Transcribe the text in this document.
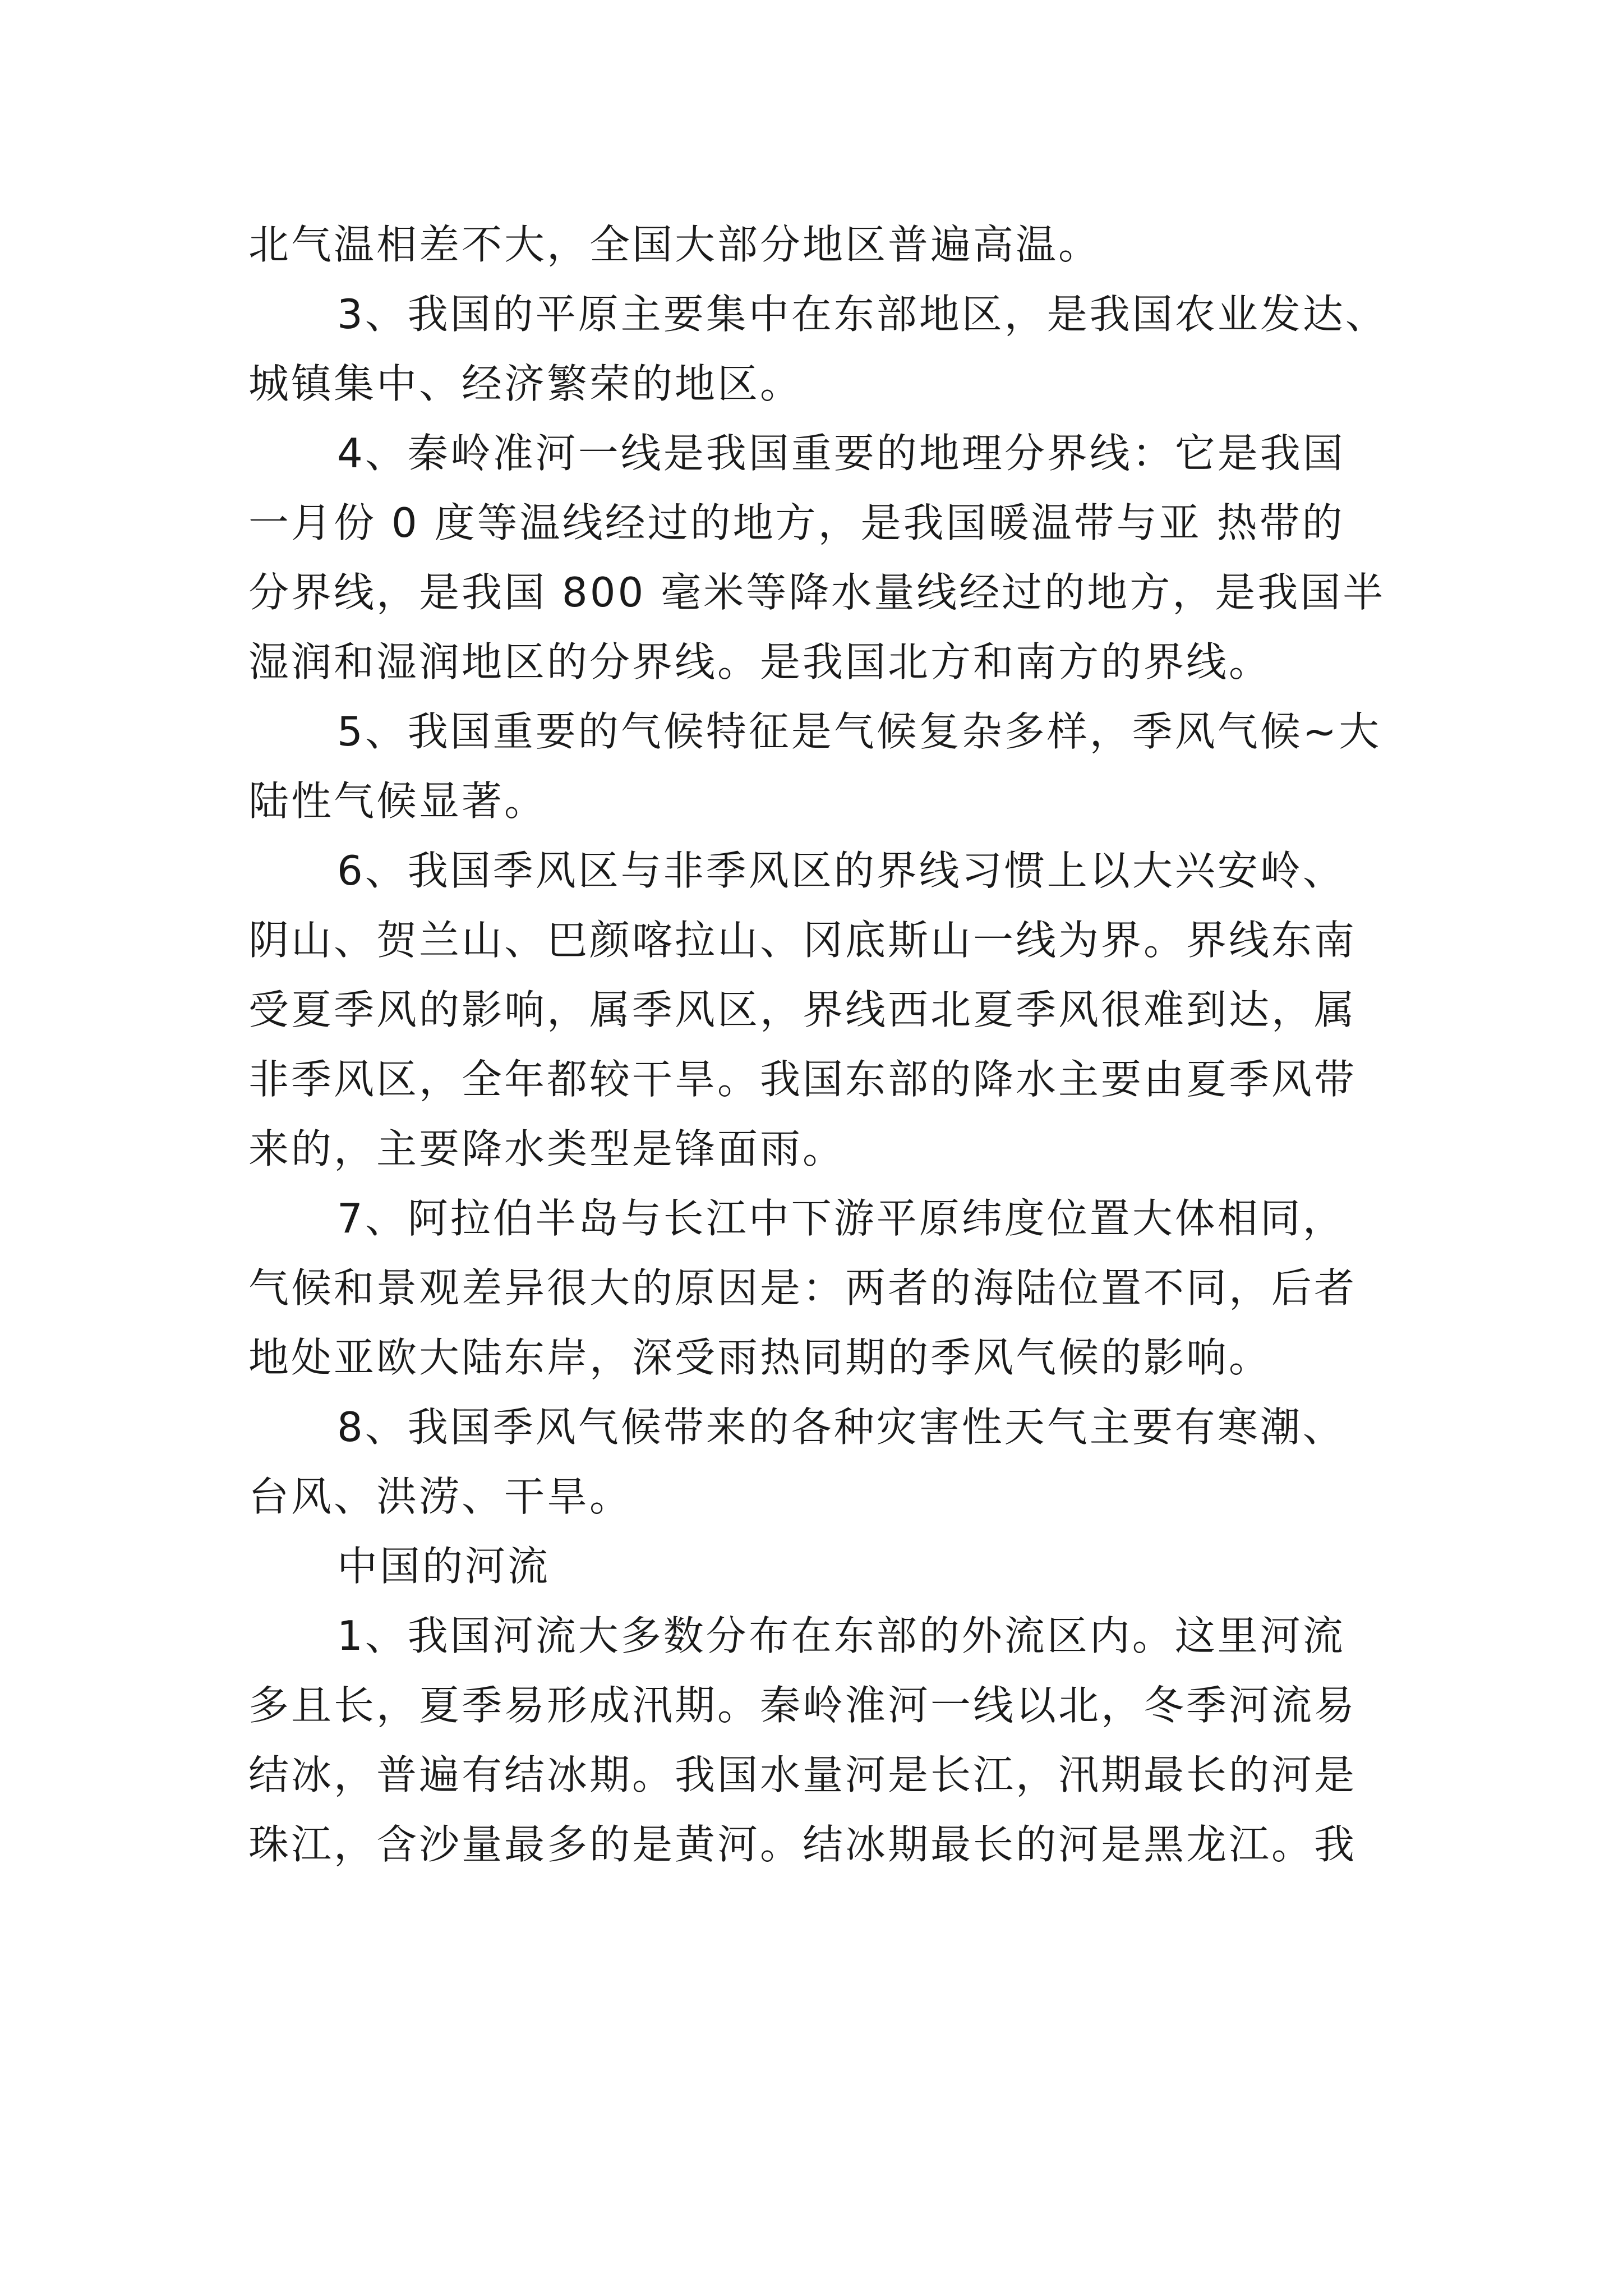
北气温相差不大，全国大部分地区普遍高温。
3、我国的平原主要集中在东部地区，是我国农业发达、
城镇集中、经济繁荣的地区。
4、秦岭准河一线是我国重要的地理分界线：它是我国
一月份 0 度等温线经过的地方，是我国暖温带与亚 热带的
分界线，是我国 800 毫米等降水量线经过的地方，是我国半
湿润和湿润地区的分界线。是我国北方和南方的界线。
5、我国重要的气候特征是气候复杂多样，季风气候~大
陆性气候显著。
6、我国季风区与非季风区的界线习惯上以大兴安岭、
阴山、贺兰山、巴颜喀拉山、冈底斯山一线为界。界线东南
受夏季风的影响，属季风区，界线西北夏季风很难到达，属
非季风区，全年都较干旱。我国东部的降水主要由夏季风带
来的，主要降水类型是锋面雨。
7、阿拉伯半岛与长江中下游平原纬度位置大体相同，
气候和景观差异很大的原因是：两者的海陆位置不同，后者
地处亚欧大陆东岸，深受雨热同期的季风气候的影响。
8、我国季风气候带来的各种灾害性天气主要有寒潮、
台风、洪涝、干旱。
中国的河流
1、我国河流大多数分布在东部的外流区内。这里河流
多且长，夏季易形成汛期。秦岭淮河一线以北，冬季河流易
结冰，普遍有结冰期。我国水量河是长江，汛期最长的河是
珠江，含沙量最多的是黄河。结冰期最长的河是黑龙江。我
